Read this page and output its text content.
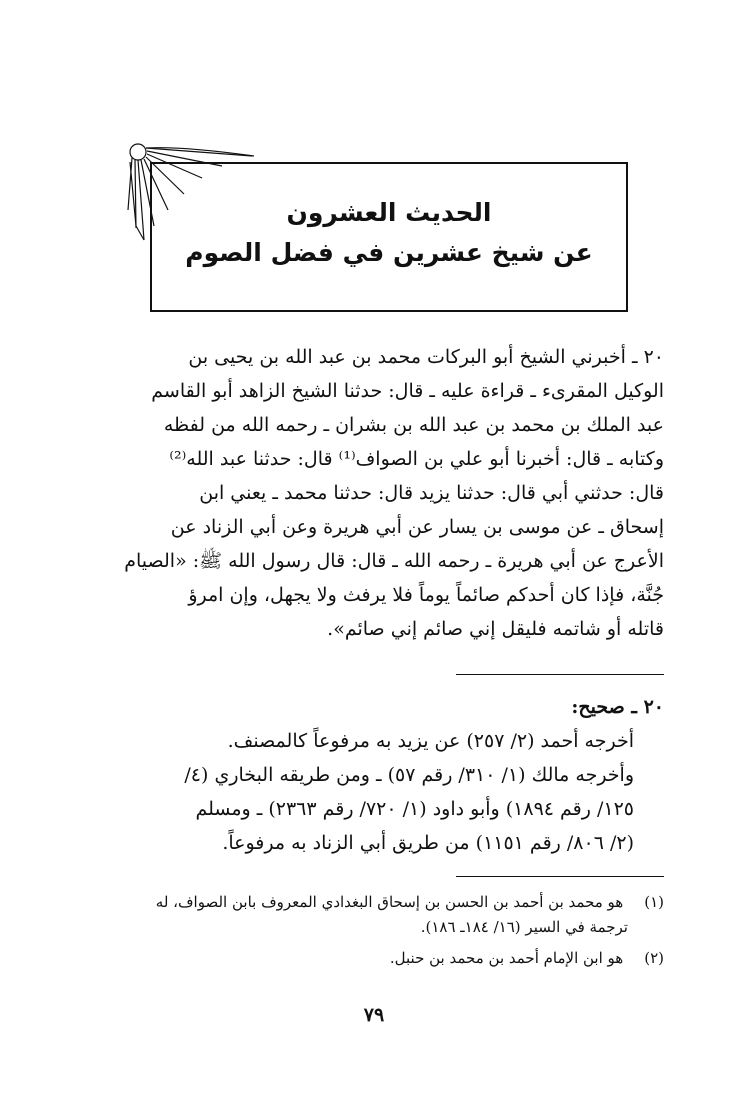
الحديث العشرون
عن شيخ عشرين في فضل الصوم
٢٠ ـ أخبرني الشيخ أبو البركات محمد بن عبد الله بن يحيى بن
الوكيل المقرىء ـ قراءة عليه ـ قال: حدثنا الشيخ الزاهد أبو القاسم
عبد الملك بن محمد بن عبد الله بن بشران ـ رحمه الله من لفظه
وكتابه ـ قال: أخبرنا أبو علي بن الصواف⁽¹⁾ قال: حدثنا عبد الله⁽²⁾
قال: حدثني أبي قال: حدثنا يزيد قال: حدثنا محمد ـ يعني ابن
إسحاق ـ عن موسى بن يسار عن أبي هريرة وعن أبي الزناد عن
الأعرج عن أبي هريرة ـ رحمه الله ـ قال: قال رسول الله ﷺ: «الصيام
جُنَّة، فإذا كان أحدكم صائماً يوماً فلا يرفث ولا يجهل، وإن امرؤ
قاتله أو شاتمه فليقل إني صائم إني صائم».
٢٠ ـ صحيح:
أخرجه أحمد (٢/ ٢٥٧) عن يزيد به مرفوعاً كالمصنف.
وأخرجه مالك (١/ ٣١٠/ رقم ٥٧) ـ ومن طريقه البخاري (٤/
١٢٥/ رقم ١٨٩٤) وأبو داود (١/ ٧٢٠/ رقم ٢٣٦٣) ـ ومسلم
(٢/ ٨٠٦/ رقم ١١٥١) من طريق أبي الزناد به مرفوعاً.
(١) هو محمد بن أحمد بن الحسن بن إسحاق البغدادي المعروف بابن الصواف، له
ترجمة في السير (١٦/ ١٨٤ـ ١٨٦).
(٢) هو ابن الإمام أحمد بن محمد بن حنبل.
٧٩
